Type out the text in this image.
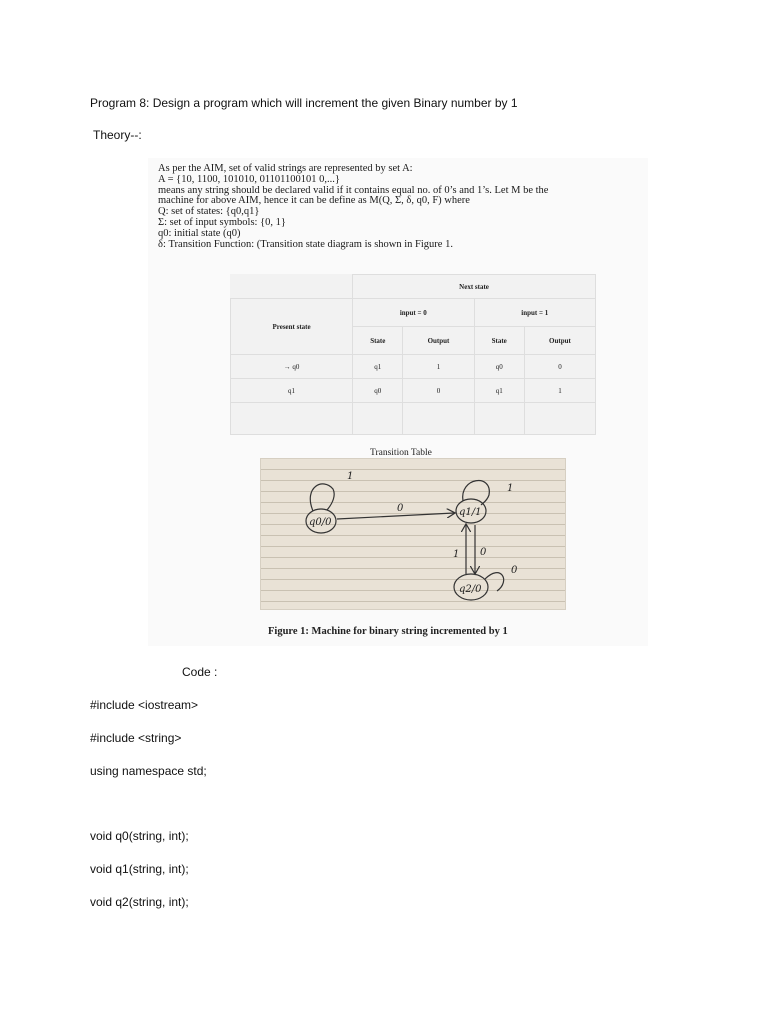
Program 8: Design a program which will increment the given Binary number by 1
Theory--:
As per the AIM, set of valid strings are represented by set A:
A = {10, 1100, 101010, 01101100101 0,...}
means any string should be declared valid if it contains equal no. of 0’s and 1’s. Let M be the
machine for above AIM, hence it can be define as M(Q, Σ, δ, q0, F) where
Q: set of states: {q0,q1}
Σ: set of input symbols: {0, 1}
q0: initial state (q0)
δ: Transition Function: (Transition state diagram is shown in Figure 1.
	Next state			
Present state	input = 0		input = 1	
	State	Output	State	Output
→ q0	q1	1	q0	0
q1	q0	0	q1	1

Transition Table
q0/0
q1/1
q2/0
1
0
1
1 0
0
Figure 1: Machine for binary string incremented by 1
Code :
#include <iostream>
#include <string>
using namespace std;
void q0(string, int);
void q1(string, int);
void q2(string, int);
